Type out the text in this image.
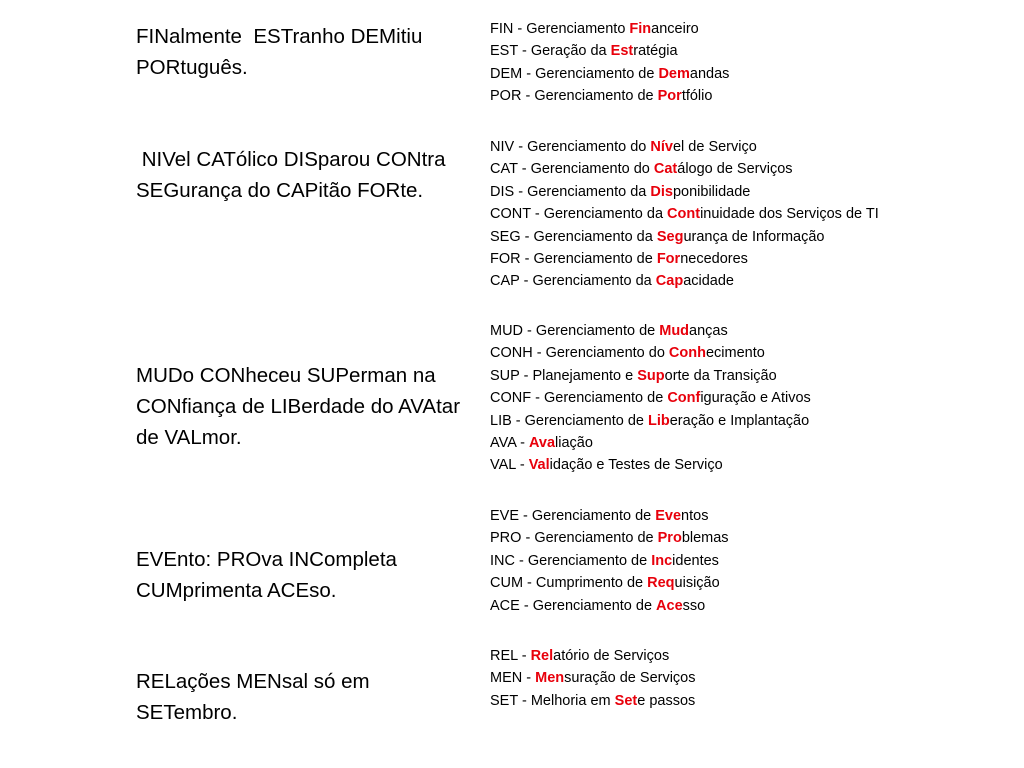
FINalmente  ESTranho DEMitiu PORtuguês.
FIN - Gerenciamento Financeiro
EST - Geração da Estratégia
DEM - Gerenciamento de Demandas
POR - Gerenciamento de Portfólio
NIVel CATólico DISparou CONtra SEGurança do CAPitão FORte.
NIV - Gerenciamento do Nível de Serviço
CAT - Gerenciamento do Catálogo de Serviços
DIS - Gerenciamento da Disponibilidade
CONT - Gerenciamento da Continuidade dos Serviços de TI
SEG - Gerenciamento da Segurança de Informação
FOR - Gerenciamento de Fornecedores
CAP - Gerenciamento da Capacidade
MUDo CONheceu SUPerman na CONfiança de LIBerdade do AVAtar de VALmor.
MUD - Gerenciamento de Mudanças
CONH - Gerenciamento do Conhecimento
SUP - Planejamento e Suporte da Transição
CONF - Gerenciamento de Configuração e Ativos
LIB - Gerenciamento de Liberação e Implantação
AVA - Avaliação
VAL - Validação e Testes de Serviço
EVEnto: PROva INCompleta CUMprimenta ACEso.
EVE - Gerenciamento de Eventos
PRO - Gerenciamento de Problemas
INC - Gerenciamento de Incidentes
CUM - Cumprimento de Requisição
ACE - Gerenciamento de Acesso
RELações MENsal só em SETembro.
REL - Relatório de Serviços
MEN - Mensuração de Serviços
SET - Melhoria em Sete passos
